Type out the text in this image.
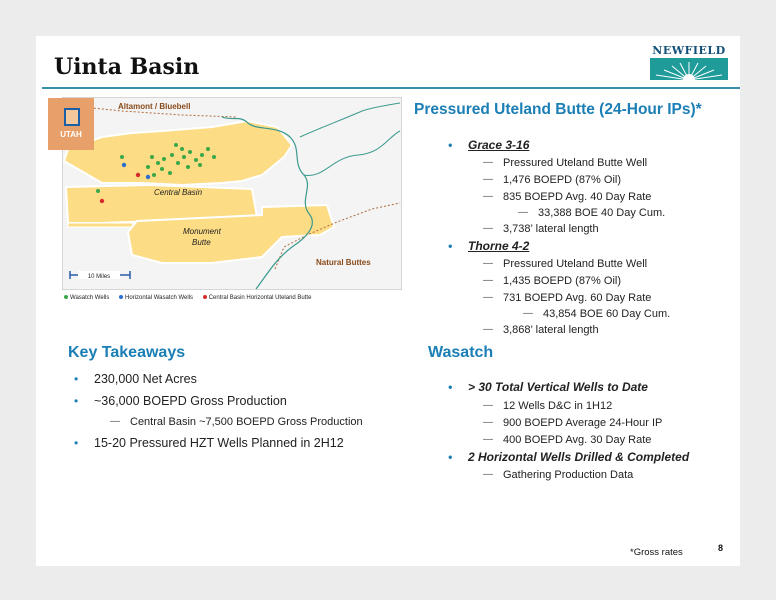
Uinta Basin
NEWFIELD
Altamont / Bluebell
Central Basin
Monument
Butte
Natural Buttes
10 Miles
UTAH
Wasatch Wells	Horizontal Wasatch Wells	Central Basin Horizontal Uteland Butte
Pressured Uteland Butte (24-Hour IPs)*
• Grace 3-16
— Pressured Uteland Butte Well
— 1,476 BOEPD (87% Oil)
— 835 BOEPD Avg. 40 Day Rate
— 33,388 BOE 40 Day Cum.
— 3,738’ lateral length
• Thorne 4-2
— Pressured Uteland Butte Well
— 1,435 BOEPD (87% Oil)
— 731 BOEPD Avg. 60 Day Rate
— 43,854 BOE 60 Day Cum.
— 3,868’ lateral length
Key Takeaways
• 230,000 Net Acres
• ~36,000 BOEPD Gross Production
— Central Basin ~7,500 BOEPD Gross Production
• 15-20 Pressured HZT Wells Planned in 2H12
Wasatch
• > 30 Total Vertical Wells to Date
— 12 Wells D&C in 1H12
— 900 BOEPD Average 24-Hour IP
— 400 BOEPD Avg. 30 Day Rate
• 2 Horizontal Wells Drilled & Completed
— Gathering Production Data
*Gross rates	8
